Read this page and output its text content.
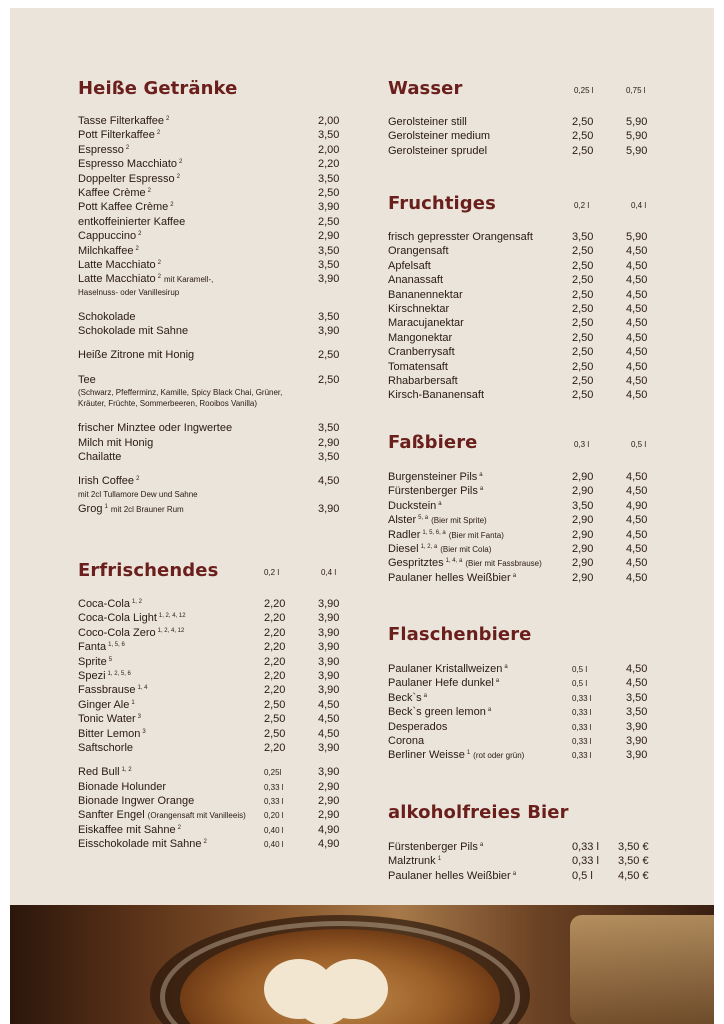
Heiße Getränke
Tasse Filterkaffee $^2$	2,00
Pott Filterkaffee $^2$	3,50
Espresso $^2$	2,00
Espresso Macchiato $^2$	2,20
Doppelter Espresso $^2$	3,50
Kaffee Crème $^2$	2,50
Pott Kaffee Crème $^2$	3,90
entkoffeinierter Kaffee	2,50
Cappuccino $^2$	2,90
Milchkaffee $^2$	3,50
Latte Macchiato $^2$	3,50
Latte Macchiato $^2$ mit Karamell-,	3,90
Haselnuss- oder Vanillesirup
Schokolade	3,50
Schokolade mit Sahne	3,90
Heiße Zitrone mit Honig	2,50
Tee	2,50
(Schwarz, Pfefferminz, Kamille, Spicy Black Chai, Grüner, Kräuter, Früchte, Sommerbeeren, Rooibos Vanilla)
frischer Minztee oder Ingwertee	3,50
Milch mit Honig	2,90
Chailatte	3,50
Irish Coffee $^2$	4,50
mit 2cl Tullamore Dew und Sahne
Grog $^1$ mit 2cl Brauner Rum	3,90
Erfrischendes	0,2 l	0,4 l
Coca-Cola $^{1, 2}$	2,20	3,90
Coca-Cola Light $^{1, 2, 4, 12}$	2,20	3,90
Coco-Cola Zero $^{1, 2, 4, 12}$	2,20	3,90
Fanta $^{1, 5, 6}$	2,20	3,90
Sprite $^5$	2,20	3,90
Spezi $^{1, 2, 5, 6}$	2,20	3,90
Fassbrause $^{1, 4}$	2,20	3,90
Ginger Ale $^1$	2,50	4,50
Tonic Water $^3$	2,50	4,50
Bitter Lemon $^3$	2,50	4,50
Saftschorle	2,20	3,90
Red Bull $^{1, 2}$	0,25l	3,90
Bionade Holunder	0,33 l	2,90
Bionade Ingwer Orange	0,33 l	2,90
Sanfter Engel (Orangensaft mit Vanilleeis) 0,20 l	2,90
Eiskaffee mit Sahne $^2$	0,40 l	4,90
Eisschokolade mit Sahne $^2$	0,40 l	4,90
Wasser	0,25 l	0,75 l
Gerolsteiner still	2,50	5,90
Gerolsteiner medium	2,50	5,90
Gerolsteiner sprudel	2,50	5,90
Fruchtiges	0,2 l	0,4 l
frisch gepresster Orangensaft	3,50	5,90
Orangensaft	2,50	4,50
Apfelsaft	2,50	4,50
Ananassaft	2,50	4,50
Bananennektar	2,50	4,50
Kirschnektar	2,50	4,50
Maracujanektar	2,50	4,50
Mangonektar	2,50	4,50
Cranberrysaft	2,50	4,50
Tomatensaft	2,50	4,50
Rhabarbersaft	2,50	4,50
Kirsch-Bananensaft	2,50	4,50
Faßbiere	0,3 l	0,5 l
Burgensteiner Pils $^a$	2,90	4,50
Fürstenberger Pils $^a$	2,90	4,50
Duckstein $^a$	3,50	4,90
Alster $^{5, a}$ (Bier mit Sprite)	2,90	4,50
Radler $^{1, 5, 6, a}$ (Bier mit Fanta)	2,90	4,50
Diesel $^{1, 2, a}$ (Bier mit Cola)	2,90	4,50
Gespritztes $^{1, 4, a}$ (Bier mit Fassbrause)	2,90	4,50
Paulaner helles Weißbier $^a$	2,90	4,50
Flaschenbiere
Paulaner Kristallweizen $^a$	0,5 l	4,50
Paulaner Hefe dunkel $^a$	0,5 l	4,50
Beck`s $^a$	0,33 l	3,50
Beck`s green lemon $^a$	0,33 l	3,50
Desperados	0,33 l	3,90
Corona	0,33 l	3,90
Berliner Weisse $^1$ (rot oder grün)	0,33 l	3,90
alkoholfreies Bier
Fürstenberger Pils $^a$	0,33 l 3,50 €
Malztrunk $^1$	0,33 l 3,50 €
Paulaner helles Weißbier $^a$	0,5 l 4,50 €
